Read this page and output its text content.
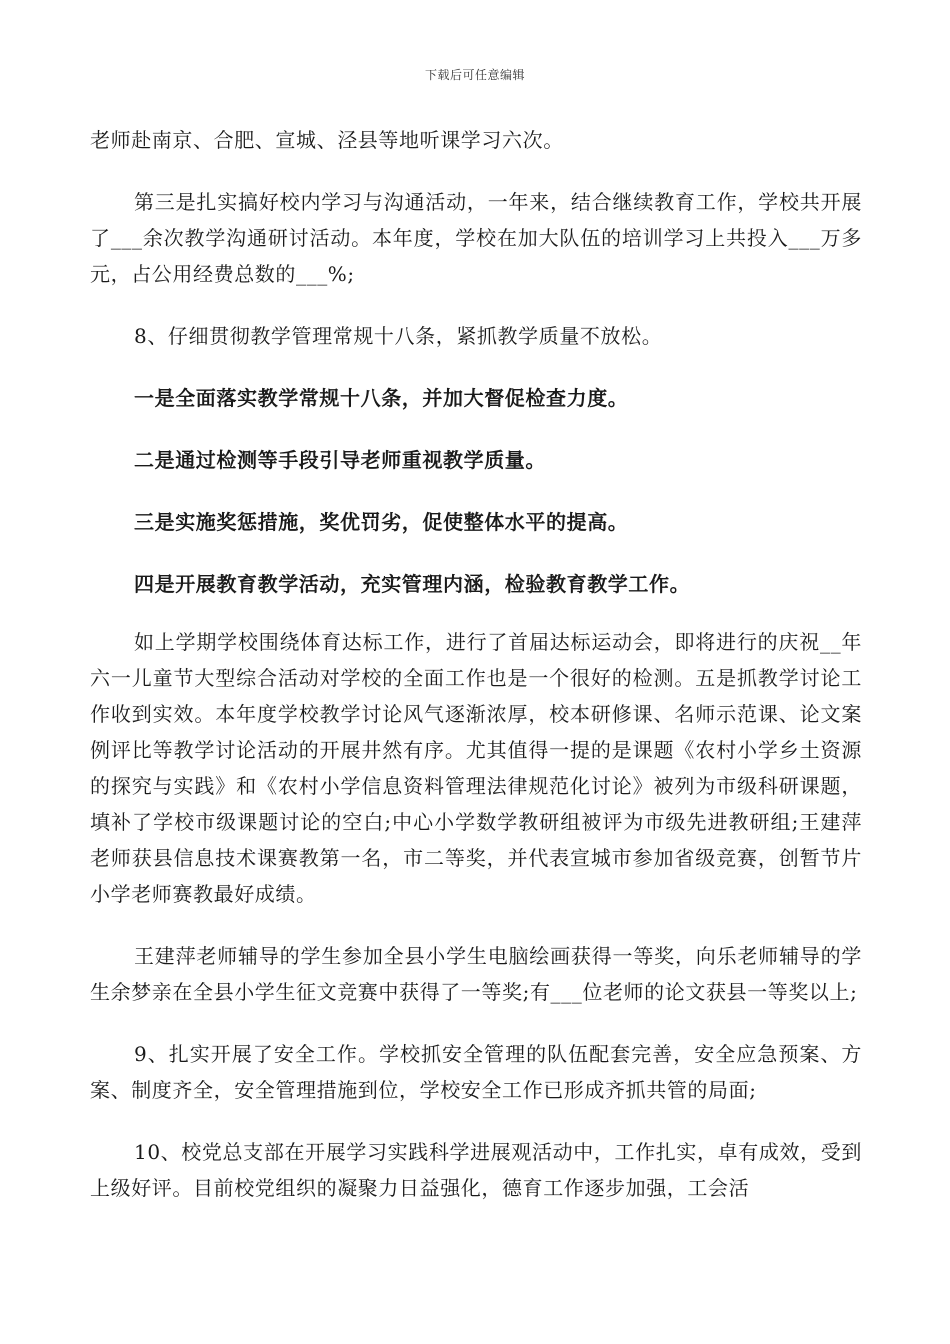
下载后可任意编辑

老师赴南京、合肥、宣城、泾县等地听课学习六次。

第三是扎实搞好校内学习与沟通活动，一年来，结合继续教育工作，学校共开展了___余次教学沟通研讨活动。本年度，学校在加大队伍的培训学习上共投入___万多元，占公用经费总数的___%;

8、仔细贯彻教学管理常规十八条，紧抓教学质量不放松。

一是全面落实教学常规十八条，并加大督促检查力度。

二是通过检测等手段引导老师重视教学质量。

三是实施奖惩措施，奖优罚劣，促使整体水平的提高。

四是开展教育教学活动，充实管理内涵，检验教育教学工作。

如上学期学校围绕体育达标工作，进行了首届达标运动会，即将进行的庆祝__年六一儿童节大型综合活动对学校的全面工作也是一个很好的检测。五是抓教学讨论工作收到实效。本年度学校教学讨论风气逐渐浓厚，校本研修课、名师示范课、论文案例评比等教学讨论活动的开展井然有序。尤其值得一提的是课题《农村小学乡土资源的探究与实践》和《农村小学信息资料管理法律规范化讨论》被列为市级科研课题，填补了学校市级课题讨论的空白;中心小学数学教研组被评为市级先进教研组;王建萍老师获县信息技术课赛教第一名，市二等奖，并代表宣城市参加省级竞赛，创暂节片小学老师赛教最好成绩。

王建萍老师辅导的学生参加全县小学生电脑绘画获得一等奖，向乐老师辅导的学生余梦亲在全县小学生征文竞赛中获得了一等奖;有___位老师的论文获县一等奖以上;

9、扎实开展了安全工作。学校抓安全管理的队伍配套完善，安全应急预案、方案、制度齐全，安全管理措施到位，学校安全工作已形成齐抓共管的局面;

10、校党总支部在开展学习实践科学进展观活动中，工作扎实，卓有成效，受到上级好评。目前校党组织的凝聚力日益强化，德育工作逐步加强，工会活
